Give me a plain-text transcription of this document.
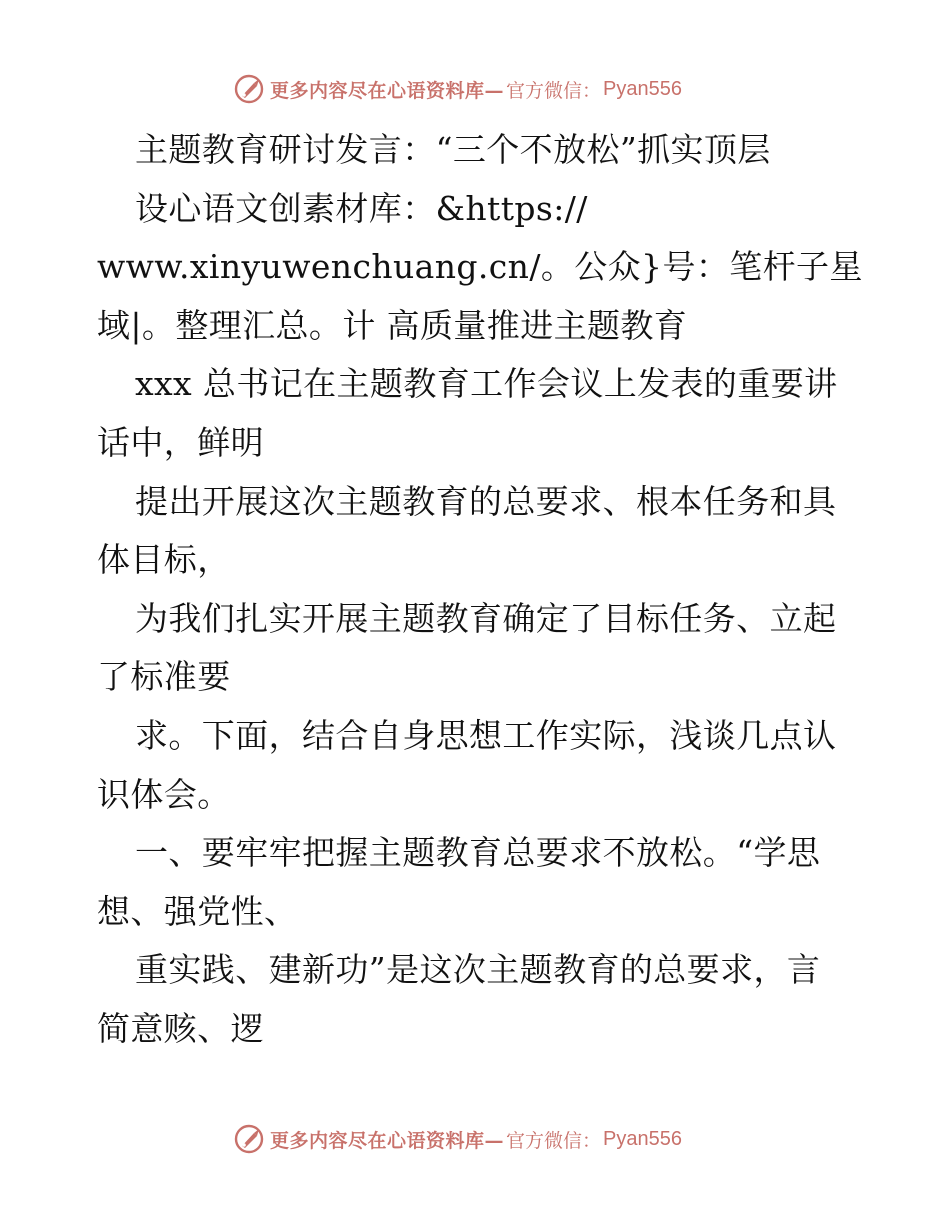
更多内容尽在心语资料库— 官方微信： Pyan556
主题教育研讨发言：“三个不放松”抓实顶层
设心语文创素材库：&https://
www.xinyuwenchuang.cn/。公众}号：笔杆子星
域|。整理汇总。计 高质量推进主题教育
xxx 总书记在主题教育工作会议上发表的重要讲
话中，鲜明
提出开展这次主题教育的总要求、根本任务和具
体目标，
为我们扎实开展主题教育确定了目标任务、立起
了标准要
求。下面，结合自身思想工作实际，浅谈几点认
识体会。
一、要牢牢把握主题教育总要求不放松。“学思
想、强党性、
重实践、建新功”是这次主题教育的总要求，言
简意赅、逻
更多内容尽在心语资料库— 官方微信： Pyan556
